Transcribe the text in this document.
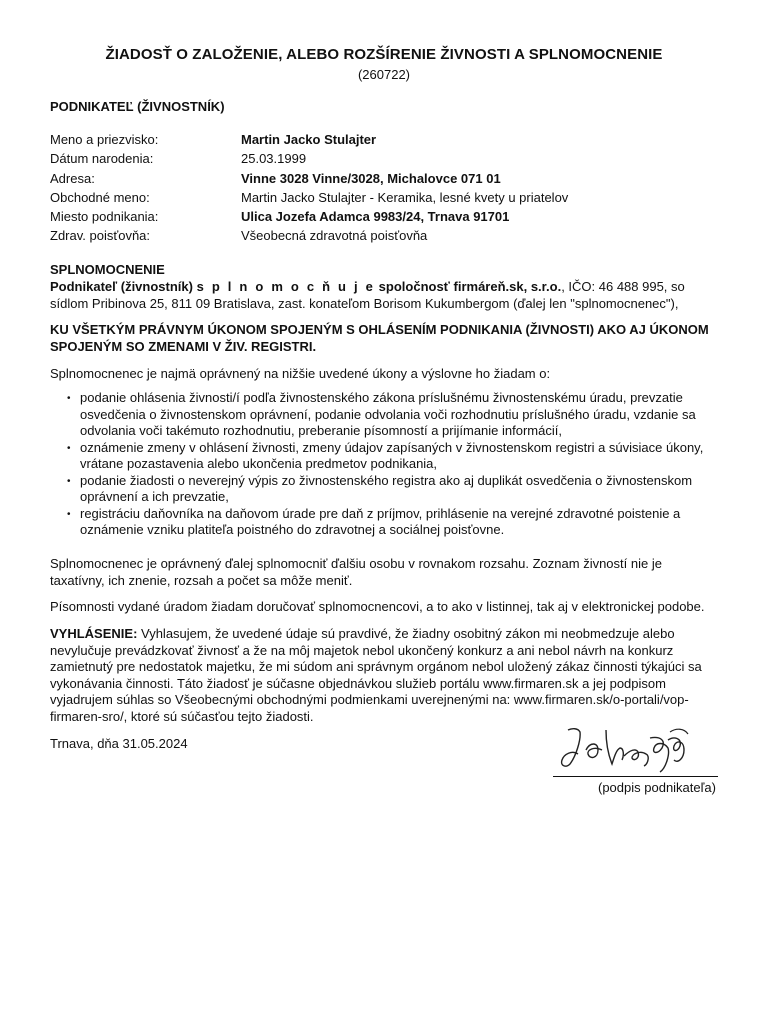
ŽIADOSŤ O ZALOŽENIE, ALEBO ROZŠÍRENIE ŽIVNOSTI A SPLNOMOCNENIE
(260722)
PODNIKATEĽ (ŽIVNOSTNÍK)
Meno a priezvisko:	Martin Jacko Stulajter
Dátum narodenia:	25.03.1999
Adresa:	Vinne 3028 Vinne/3028, Michalovce 071 01
Obchodné meno:	Martin Jacko Stulajter - Keramika, lesné kvety u priatelov
Miesto podnikania:	Ulica Jozefa Adamca 9983/24, Trnava 91701
Zdrav. poisťovňa:	Všeobecná zdravotná poisťovňa
SPLNOMOCNENIE

Podnikateľ (živnostník) s p l n o m o c ň u j e spoločnosť firmáreň.sk, s.r.o., IČO: 46 488 995, so sídlom Pribinova 25, 811 09 Bratislava, zast. konateľom Borisom Kukumbergom (ďalej len "splnomocnenec"),

KU VŠETKÝM PRÁVNYM ÚKONOM SPOJENÝM S OHLÁSENÍM PODNIKANIA (ŽIVNOSTI) AKO AJ ÚKONOM SPOJENÝM SO ZMENAMI V ŽIV. REGISTRI.

Splnomocnenec je najmä oprávnený na nižšie uvedené úkony a výslovne ho žiadam o:

• podanie ohlásenia živnosti/í podľa živnostenského zákona príslušnému živnostenskému úradu, prevzatie osvedčenia o živnostenskom oprávnení, podanie odvolania voči rozhodnutiu príslušného úradu, vzdanie sa odvolania voči takémuto rozhodnutiu, preberanie písomností a prijímanie informácií,
• oznámenie zmeny v ohlásení živnosti, zmeny údajov zapísaných v živnostenskom registri a súvisiace úkony, vrátane pozastavenia alebo ukončenia predmetov podnikania,
• podanie žiadosti o neverejný výpis zo živnostenského registra ako aj duplikát osvedčenia o živnostenskom oprávnení a ich prevzatie,
• registráciu daňovníka na daňovom úrade pre daň z príjmov, prihlásenie na verejné zdravotné poistenie a oznámenie vzniku platiteľa poistného do zdravotnej a sociálnej poisťovne.

Splnomocnenec je oprávnený ďalej splnomocniť ďalšiu osobu v rovnakom rozsahu. Zoznam živností nie je taxatívny, ich znenie, rozsah a počet sa môže meniť.

Písomnosti vydané úradom žiadam doručovať splnomocnencovi, a to ako v listinnej, tak aj v elektronickej podobe.

VYHLÁSENIE: Vyhlasujem, že uvedené údaje sú pravdivé, že žiadny osobitný zákon mi neobmedzuje alebo nevylučuje prevádzkovať živnosť a že na môj majetok nebol ukončený konkurz a ani nebol návrh na konkurz zamietnutý pre nedostatok majetku, že mi súdom ani správnym orgánom nebol uložený zákaz činnosti týkajúci sa vykonávania činnosti. Táto žiadosť je súčasne objednávkou služieb portálu www.firmaren.sk a jej podpisom vyjadrujem súhlas so Všeobecnými obchodnými podmienkami uverejnenými na: www.firmaren.sk/o-portali/vop-firmaren-sro/, ktoré sú súčasťou tejto žiadosti.

Trnava, dňa 31.05.2024
(podpis podnikateľa)
